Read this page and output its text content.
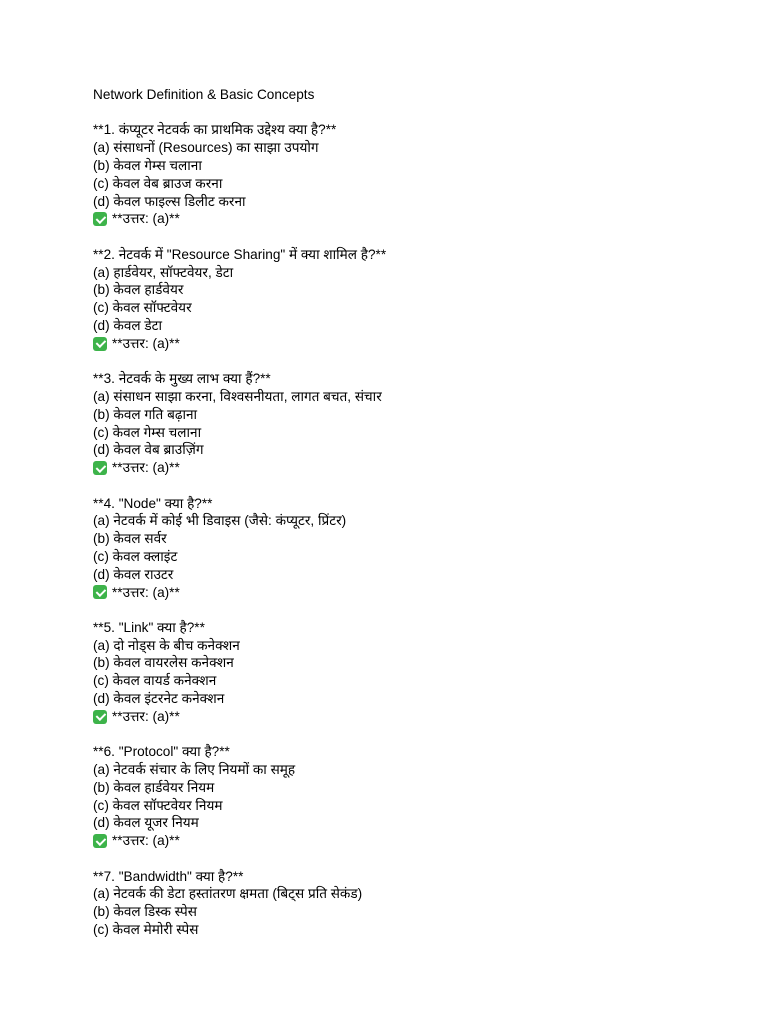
Network Definition & Basic Concepts
**1. कंप्यूटर नेटवर्क का प्राथमिक उद्देश्य क्या है?**
(a) संसाधनों (Resources) का साझा उपयोग
(b) केवल गेम्स चलाना
(c) केवल वेब ब्राउज करना
(d) केवल फाइल्स डिलीट करना
**उत्तर: (a)**
**2. नेटवर्क में "Resource Sharing" में क्या शामिल है?**
(a) हार्डवेयर, सॉफ्टवेयर, डेटा
(b) केवल हार्डवेयर
(c) केवल सॉफ्टवेयर
(d) केवल डेटा
**उत्तर: (a)**
**3. नेटवर्क के मुख्य लाभ क्या हैं?**
(a) संसाधन साझा करना, विश्वसनीयता, लागत बचत, संचार
(b) केवल गति बढ़ाना
(c) केवल गेम्स चलाना
(d) केवल वेब ब्राउज़िंग
**उत्तर: (a)**
**4. "Node" क्या है?**
(a) नेटवर्क में कोई भी डिवाइस (जैसे: कंप्यूटर, प्रिंटर)
(b) केवल सर्वर
(c) केवल क्लाइंट
(d) केवल राउटर
**उत्तर: (a)**
**5. "Link" क्या है?**
(a) दो नोड्स के बीच कनेक्शन
(b) केवल वायरलेस कनेक्शन
(c) केवल वायर्ड कनेक्शन
(d) केवल इंटरनेट कनेक्शन
**उत्तर: (a)**
**6. "Protocol" क्या है?**
(a) नेटवर्क संचार के लिए नियमों का समूह
(b) केवल हार्डवेयर नियम
(c) केवल सॉफ्टवेयर नियम
(d) केवल यूजर नियम
**उत्तर: (a)**
**7. "Bandwidth" क्या है?**
(a) नेटवर्क की डेटा हस्तांतरण क्षमता (बिट्स प्रति सेकंड)
(b) केवल डिस्क स्पेस
(c) केवल मेमोरी स्पेस
